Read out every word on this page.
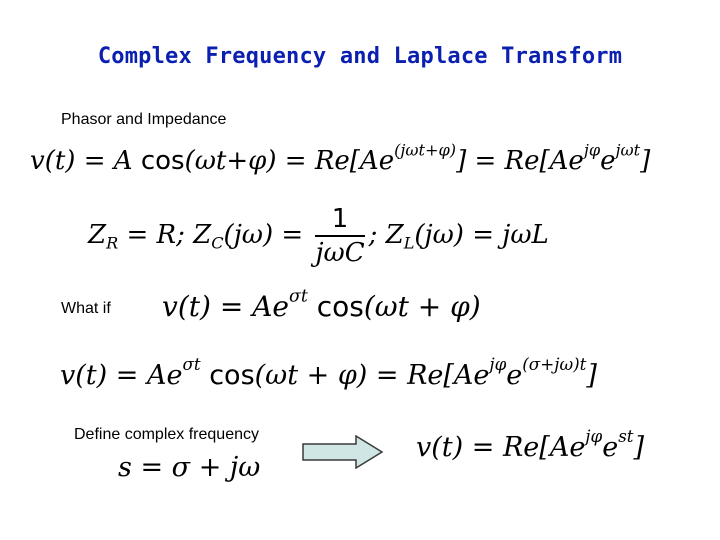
Complex Frequency and Laplace Transform
Phasor and Impedance
v(t) = A $\cos(\omega t+\varphi) = Re[Ae^{(j\omega t+\varphi)}] = Re[Ae^{j\varphi}e^{j\omega t}]$
$Z_R = R$; $Z_C(j\omega) = \frac{1}{\text{jωC}}$ ; $Z_L(j\omega) = j\omega L$
What if $v(t) = Ae^{\sigma t}$ cos(ωt + φ)
$v(t) = Ae^{\sigma t}$ $\cos(\omega t + \varphi) = Re[Ae^{j\varphi}e^{(\sigma+j\omega)t}]$
Define complex frequency
s = σ + jω
$v(t) = Re[Ae^{j\varphi}e^{st}]$
